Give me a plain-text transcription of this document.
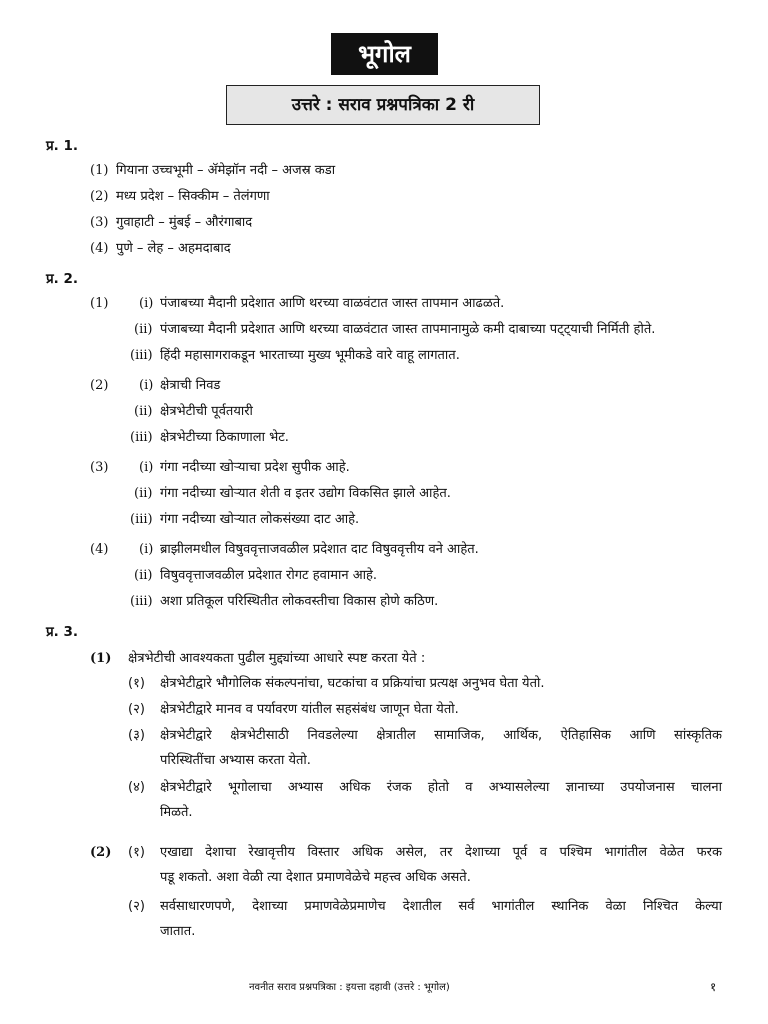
भूगोल
उत्तरे : सराव प्रश्नपत्रिका 2 री
प्र. 1.
(1) गियाना उच्चभूमी – ॲमेझॉन नदी – अजस्र कडा
(2) मध्य प्रदेश – सिक्कीम – तेलंगणा
(3) गुवाहाटी – मुंबई – औरंगाबाद
(4) पुणे – लेह – अहमदाबाद
प्र. 2.
(1) (i) पंजाबच्या मैदानी प्रदेशात आणि थरच्या वाळवंटात जास्त तापमान आढळते.
(ii) पंजाबच्या मैदानी प्रदेशात आणि थरच्या वाळवंटात जास्त तापमानामुळे कमी दाबाच्या पट्ट्याची निर्मिती होते.
(iii) हिंदी महासागराकडून भारताच्या मुख्य भूमीकडे वारे वाहू लागतात.
(2) (i) क्षेत्राची निवड
(ii) क्षेत्रभेटीची पूर्वतयारी
(iii) क्षेत्रभेटीच्या ठिकाणाला भेट.
(3) (i) गंगा नदीच्या खोऱ्याचा प्रदेश सुपीक आहे.
(ii) गंगा नदीच्या खोऱ्यात शेती व इतर उद्योग विकसित झाले आहेत.
(iii) गंगा नदीच्या खोऱ्यात लोकसंख्या दाट आहे.
(4) (i) ब्राझीलमधील विषुववृत्ताजवळील प्रदेशात दाट विषुववृत्तीय वने आहेत.
(ii) विषुववृत्ताजवळील प्रदेशात रोगट हवामान आहे.
(iii) अशा प्रतिकूल परिस्थितीत लोकवस्तीचा विकास होणे कठिण.
प्र. 3.
(1) क्षेत्रभेटीची आवश्यकता पुढील मुद्द्यांच्या आधारे स्पष्ट करता येते :
(१) क्षेत्रभेटीद्वारे भौगोलिक संकल्पनांचा, घटकांचा व प्रक्रियांचा प्रत्यक्ष अनुभव घेता येतो.
(२) क्षेत्रभेटीद्वारे मानव व पर्यावरण यांतील सहसंबंध जाणून घेता येतो.
(३) क्षेत्रभेटीद्वारे क्षेत्रभेटीसाठी निवडलेल्या क्षेत्रातील सामाजिक, आर्थिक, ऐतिहासिक आणि सांस्कृतिक
परिस्थितींचा अभ्यास करता येतो.
(४) क्षेत्रभेटीद्वारे भूगोलाचा अभ्यास अधिक रंजक होतो व अभ्यासलेल्या ज्ञानाच्या उपयोजनास चालना
मिळते.
(2) (१) एखाद्या देशाचा रेखावृत्तीय विस्तार अधिक असेल, तर देशाच्या पूर्व व पश्चिम भागांतील वेळेत फरक
पडू शकतो. अशा वेळी त्या देशात प्रमाणवेळेचे महत्त्व अधिक असते.
(२) सर्वसाधारणपणे, देशाच्या प्रमाणवेळेप्रमाणेच देशातील सर्व भागांतील स्थानिक वेळा निश्चित केल्या
जातात.
नवनीत सराव प्रश्नपत्रिका : इयत्ता दहावी (उत्तरे : भूगोल)	१
